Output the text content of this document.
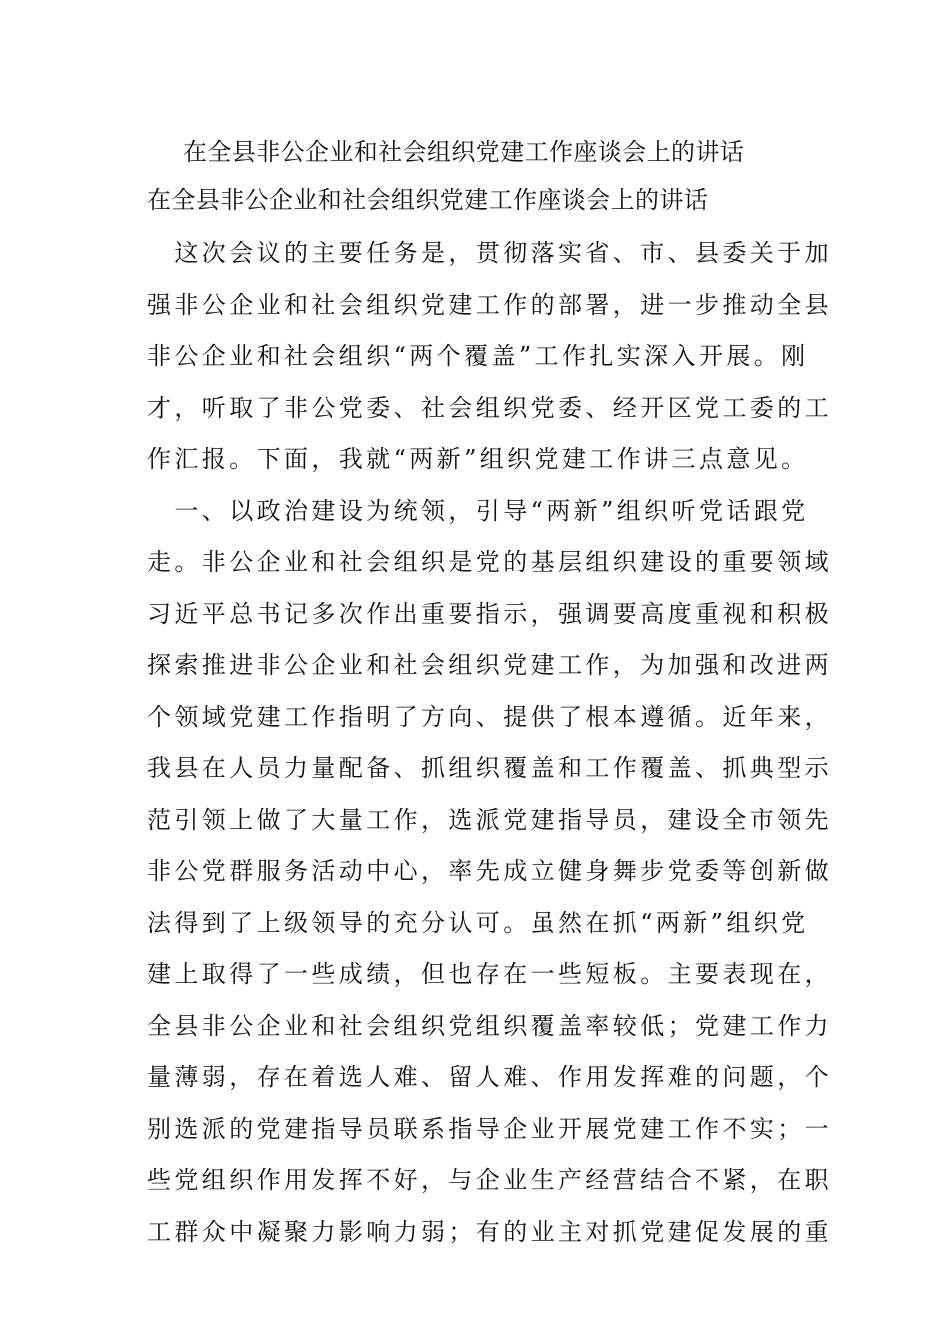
在全县非公企业和社会组织党建工作座谈会上的讲话
在全县非公企业和社会组织党建工作座谈会上的讲话
　这次会议的主要任务是，贯彻落实省、市、县委关于加
强非公企业和社会组织党建工作的部署，进一步推动全县
非公企业和社会组织“两个覆盖”工作扎实深入开展。刚
才，听取了非公党委、社会组织党委、经开区党工委的工
作汇报。下面，我就“两新”组织党建工作讲三点意见。
　一、以政治建设为统领，引导“两新”组织听党话跟党
走。非公企业和社会组织是党的基层组织建设的重要领域
习近平总书记多次作出重要指示，强调要高度重视和积极
探索推进非公企业和社会组织党建工作，为加强和改进两
个领域党建工作指明了方向、提供了根本遵循。近年来，
我县在人员力量配备、抓组织覆盖和工作覆盖、抓典型示
范引领上做了大量工作，选派党建指导员，建设全市领先
非公党群服务活动中心，率先成立健身舞步党委等创新做
法得到了上级领导的充分认可。虽然在抓“两新”组织党
建上取得了一些成绩，但也存在一些短板。主要表现在，
全县非公企业和社会组织党组织覆盖率较低；党建工作力
量薄弱，存在着选人难、留人难、作用发挥难的问题，个
别选派的党建指导员联系指导企业开展党建工作不实；一
些党组织作用发挥不好，与企业生产经营结合不紧，在职
工群众中凝聚力影响力弱；有的业主对抓党建促发展的重
